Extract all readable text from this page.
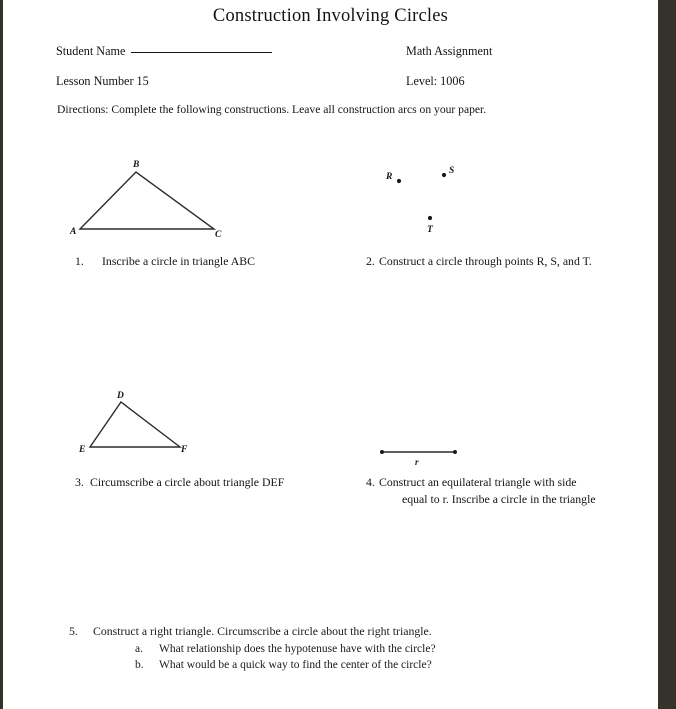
Construction Involving Circles
Student Name
Lesson Number 15
Math Assignment
Level: 1006
Directions: Complete the following constructions. Leave all construction arcs on your paper.
B
A	C
R
S
T
D
E	F
r
1. Inscribe a circle in triangle ABC	2. Construct a circle through points R, S, and T.
3. Circumscribe a circle about triangle DEF	4. Construct an equilateral triangle with side
equal to r. Inscribe a circle in the triangle
5. Construct a right triangle. Circumscribe a circle about the right triangle.
a. What relationship does the hypotenuse have with the circle?
b. What would be a quick way to find the center of the circle?
